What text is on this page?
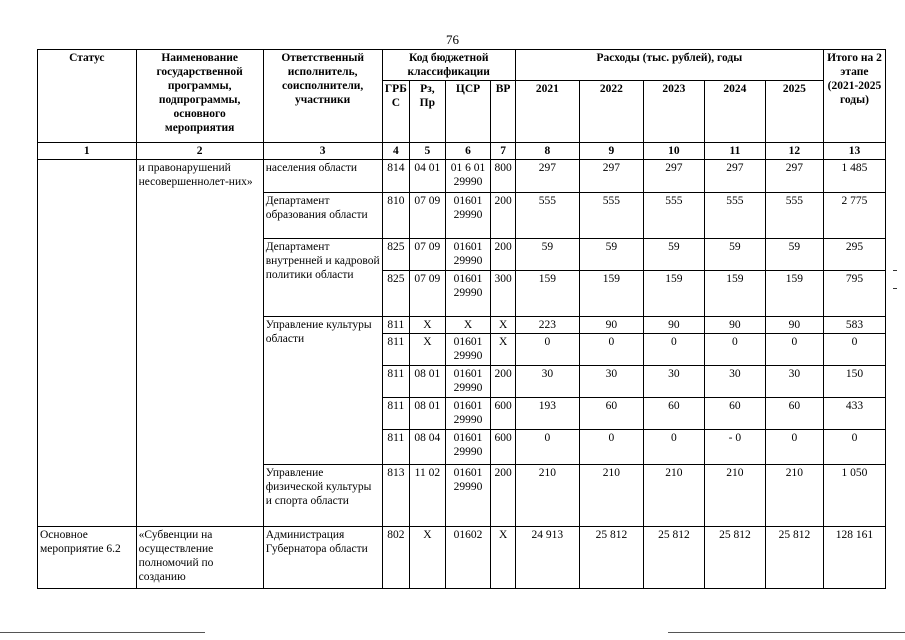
76
Статус	Наименование государственной программы, подпрограммы, основного мероприятия	Ответственный исполнитель, соисполнители, участники	Код бюджетной классификации				Расходы (тыс. рублей), годы					Итого на 2 этапе (2021-2025 годы)
			ГРБ С	Рз, Пр	ЦСР	ВР	2021	2022	2023	2024	2025	
1	2	3	4	5	6	7	8	9	10	11	12	13
	и правонарушений несовершеннолет-них»	населения области	814	04 01	01 6 01 29990	800	297	297	297	297	297	1 485
		Департамент образования области	810	07 09	01601 29990	200	555	555	555	555	555	2 775
		Департамент внутренней и кадровой политики области	825	07 09	01601 29990	200	59	59	59	59	59	295
			825	07 09	01601 29990	300	159	159	159	159	159	795
		Управление культуры области	811	X	X	X	223	90	90	90	90	583
			811	X	01601 29990	X	0	0	0	0	0	0
			811	08 01	01601 29990	200	30	30	30	30	30	150
			811	08 01	01601 29990	600	193	60	60	60	60	433
			811	08 04	01601 29990	600	0	0	0	- 0	0	0
		Управление физической культуры и спорта области	813	11 02	01601 29990	200	210	210	210	210	210	1 050
Основное мероприятие 6.2	«Субвенции на осуществление полномочий по созданию	Администрация Губернатора области	802	X	01602	X	24 913	25 812	25 812	25 812	25 812	128 161
